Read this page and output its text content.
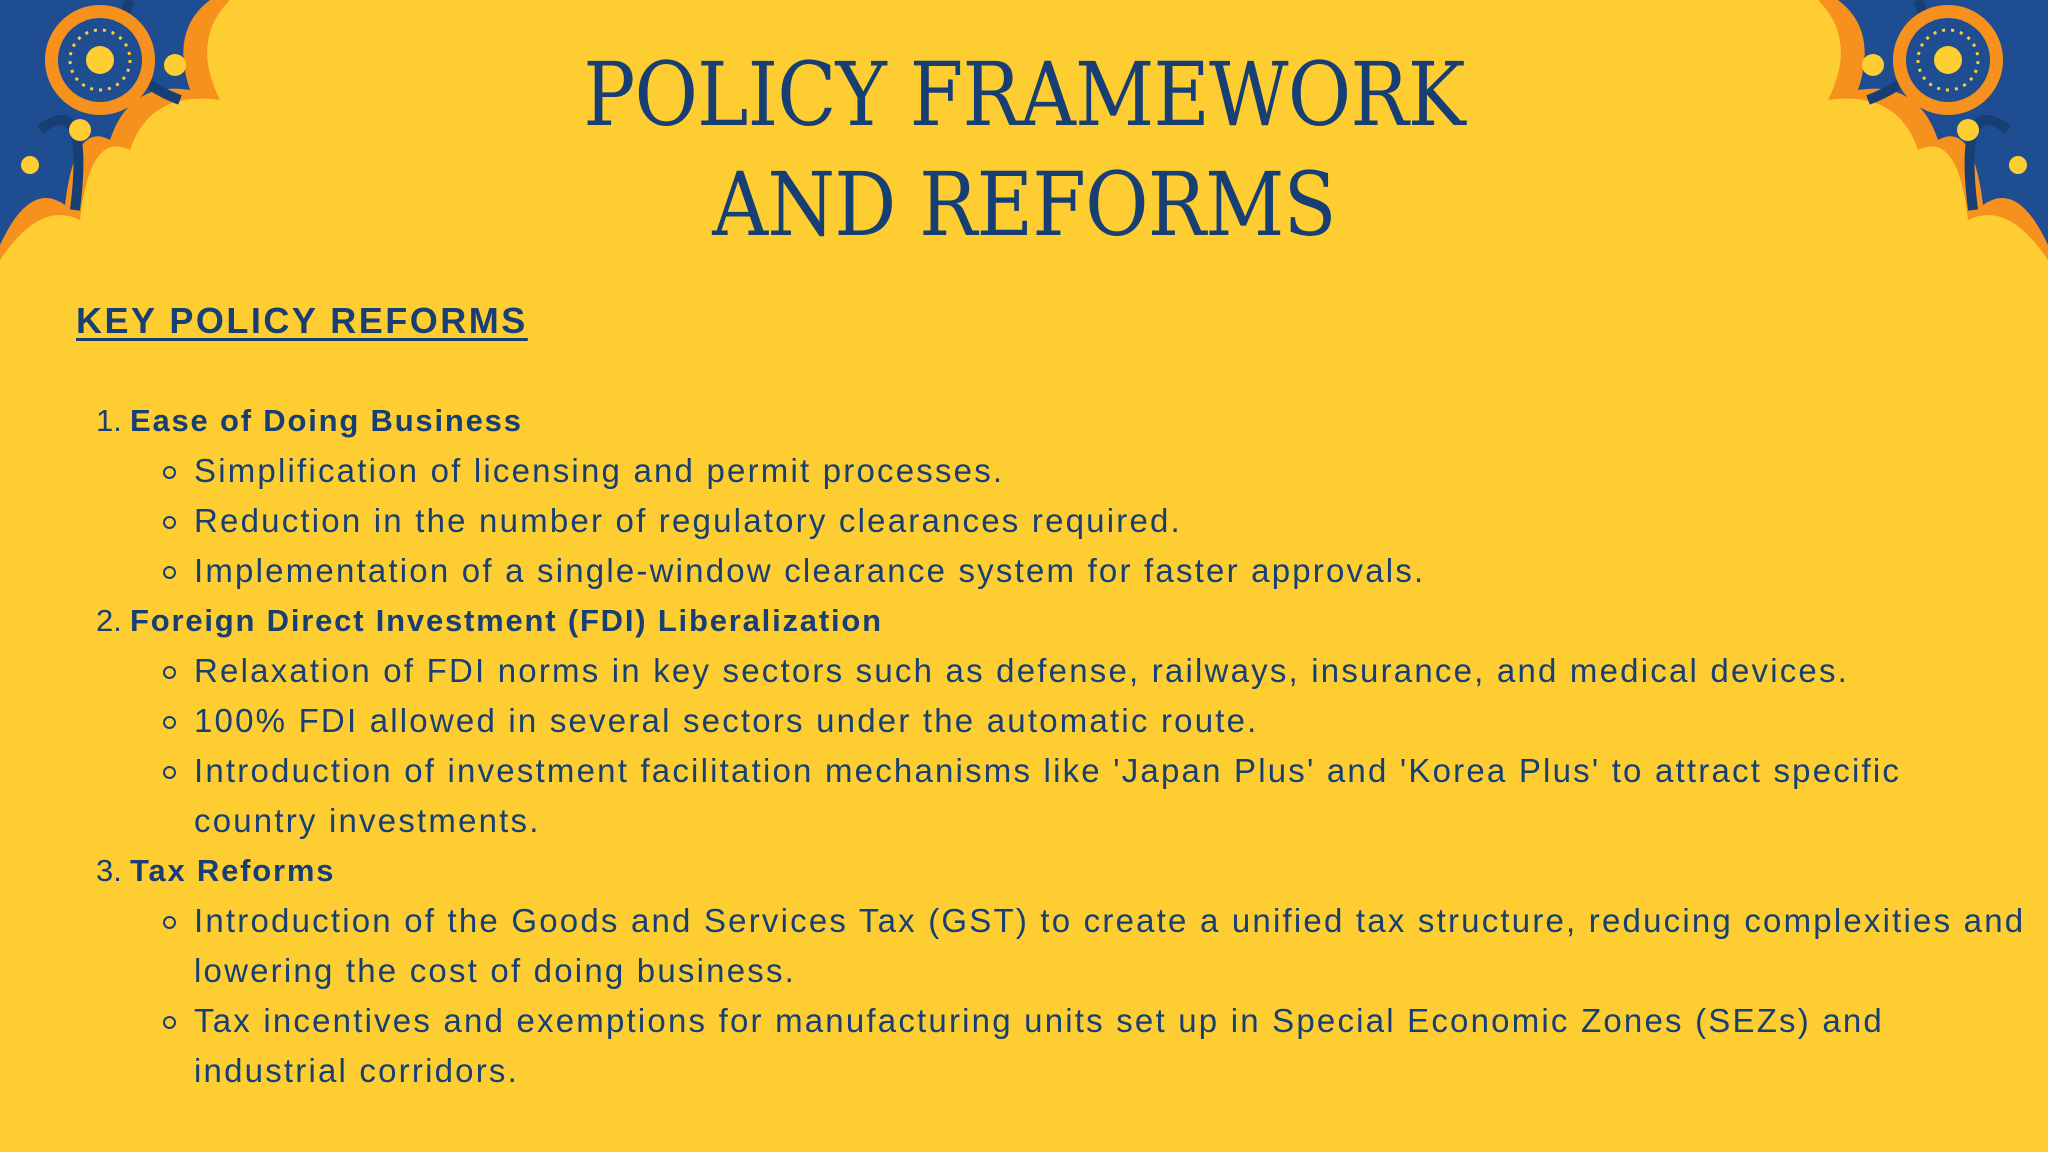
POLICY FRAMEWORK
AND REFORMS
KEY POLICY REFORMS
1. Ease of Doing Business
Simplification of licensing and permit processes.
Reduction in the number of regulatory clearances required.
Implementation of a single-window clearance system for faster approvals.
2. Foreign Direct Investment (FDI) Liberalization
Relaxation of FDI norms in key sectors such as defense, railways, insurance, and medical devices.
100% FDI allowed in several sectors under the automatic route.
Introduction of investment facilitation mechanisms like 'Japan Plus' and 'Korea Plus' to attract specific country investments.
3. Tax Reforms
Introduction of the Goods and Services Tax (GST) to create a unified tax structure, reducing complexities and lowering the cost of doing business.
Tax incentives and exemptions for manufacturing units set up in Special Economic Zones (SEZs) and industrial corridors.
